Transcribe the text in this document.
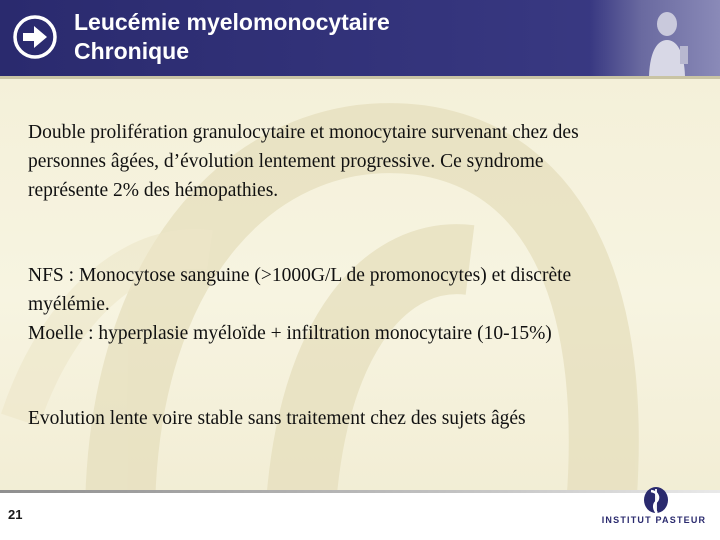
Leucémie myelomonocytaire
Chronique
Double prolifération granulocytaire et monocytaire survenant chez des
personnes âgées, d’évolution lentement progressive. Ce syndrome
représente 2% des hémopathies.
NFS : Monocytose sanguine (>1000G/L de promonocytes) et discrète
myélémie.
Moelle : hyperplasie myéloïde + infiltration monocytaire (10-15%)
Evolution lente voire stable sans traitement chez des sujets âgés
21	INSTITUT PASTEUR
